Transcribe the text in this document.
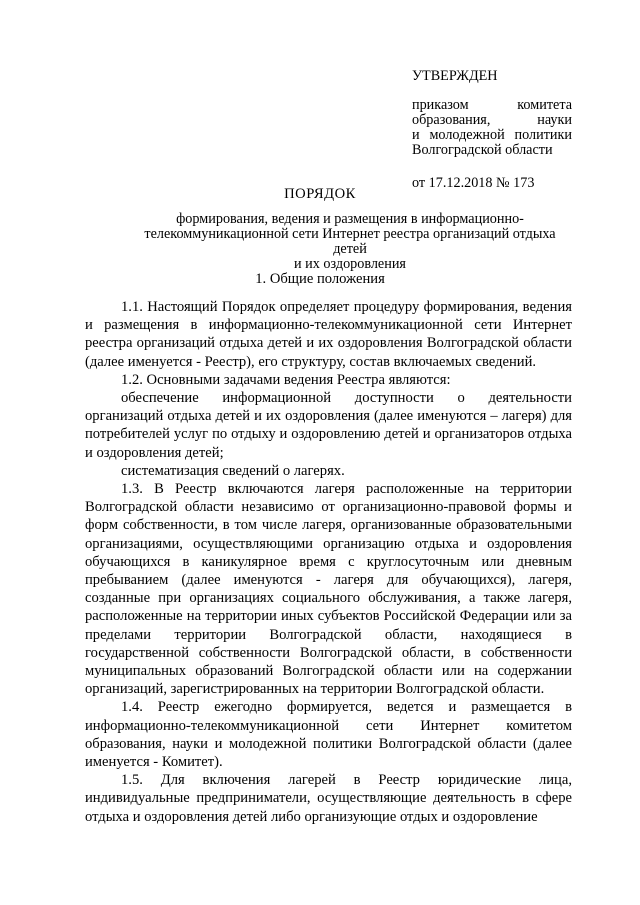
УТВЕРЖДЕН
приказом комитета
образования, науки
и молодежной политики
Волгоградской области
от 17.12.2018 № 173
ПОРЯДОК
формирования, ведения и размещения в информационно-
телекоммуникационной сети Интернет реестра организаций отдыха детей
и их оздоровления
1. Общие положения

1.1. Настоящий Порядок определяет процедуру формирования, ведения и размещения в информационно-телекоммуникационной сети Интернет реестра организаций отдыха детей и их оздоровления Волгоградской области (далее именуется - Реестр), его структуру, состав включаемых сведений.

1.2. Основными задачами ведения Реестра являются:

обеспечение информационной доступности о деятельности организаций отдыха детей и их оздоровления (далее именуются – лагеря) для потребителей услуг по отдыху и оздоровлению детей и организаторов отдыха и оздоровления детей;

систематизация сведений о лагерях.

1.3. В Реестр включаются лагеря расположенные на территории Волгоградской области независимо от организационно-правовой формы и форм собственности, в том числе лагеря, организованные образовательными организациями, осуществляющими организацию отдыха и оздоровления обучающихся в каникулярное время с круглосуточным или дневным пребыванием (далее именуются - лагеря для обучающихся), лагеря, созданные при организациях социального обслуживания, а также лагеря, расположенные на территории иных субъектов Российской Федерации или за пределами территории Волгоградской области, находящиеся в государственной собственности Волгоградской области, в собственности муниципальных образований Волгоградской области или на содержании организаций, зарегистрированных на территории Волгоградской области.

1.4. Реестр ежегодно формируется, ведется и размещается в информационно-телекоммуникационной сети Интернет комитетом образования, науки и молодежной политики Волгоградской области (далее именуется - Комитет).

1.5. Для включения лагерей в Реестр юридические лица, индивидуальные предприниматели, осуществляющие деятельность в сфере отдыха и оздоровления детей либо организующие отдых и оздоровление
